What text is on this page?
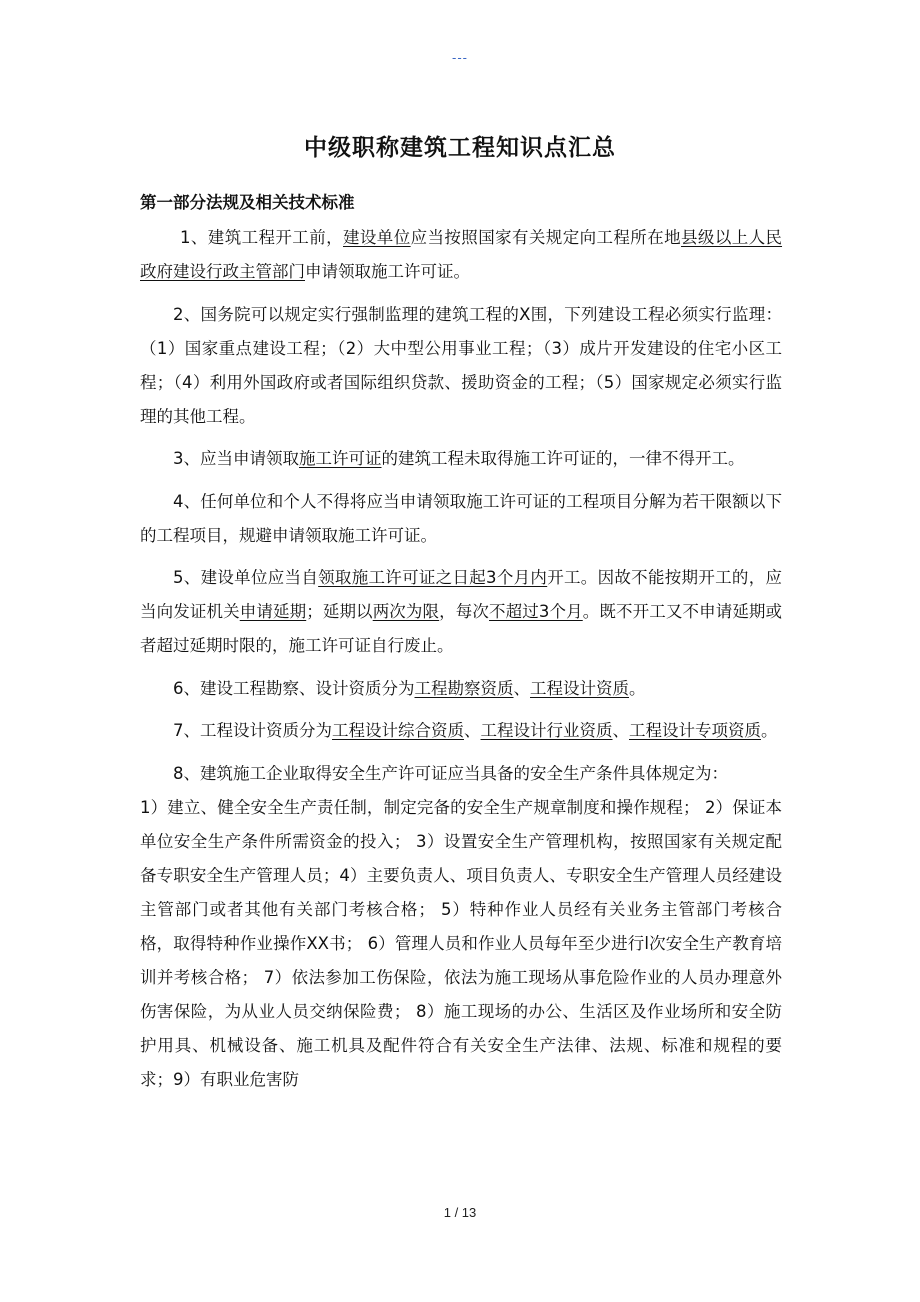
---
中级职称建筑工程知识点汇总
第一部分法规及相关技术标准

1、建筑工程开工前，建设单位应当按照国家有关规定向工程所在地县级以上人民政府建设行政主管部门申请领取施工许可证。

2、国务院可以规定实行强制监理的建筑工程的X围，下列建设工程必须实行监理：（1）国家重点建设工程；（2）大中型公用事业工程；（3）成片开发建设的住宅小区工程；（4）利用外国政府或者国际组织贷款、援助资金的工程；（5）国家规定必须实行监理的其他工程。

3、应当申请领取施工许可证的建筑工程未取得施工许可证的，一律不得开工。

4、任何单位和个人不得将应当申请领取施工许可证的工程项目分解为若干限额以下的工程项目，规避申请领取施工许可证。

5、建设单位应当自领取施工许可证之日起3个月内开工。因故不能按期开工的，应当向发证机关申请延期；延期以两次为限，每次不超过3个月。既不开工又不申请延期或者超过延期时限的，施工许可证自行废止。

6、建设工程勘察、设计资质分为工程勘察资质、工程设计资质。

7、工程设计资质分为工程设计综合资质、工程设计行业资质、工程设计专项资质。

8、建筑施工企业取得安全生产许可证应当具备的安全生产条件具体规定为：

1）建立、健全安全生产责任制，制定完备的安全生产规章制度和操作规程； 2）保证本单位安全生产条件所需资金的投入； 3）设置安全生产管理机构，按照国家有关规定配备专职安全生产管理人员；4）主要负责人、项目负责人、专职安全生产管理人员经建设主管部门或者其他有关部门考核合格； 5）特种作业人员经有关业务主管部门考核合格，取得特种作业操作XX书； 6）管理人员和作业人员每年至少进行l次安全生产教育培训并考核合格； 7）依法参加工伤保险，依法为施工现场从事危险作业的人员办理意外伤害保险，为从业人员交纳保险费； 8）施工现场的办公、生活区及作业场所和安全防护用具、机械设备、施工机具及配件符合有关安全生产法律、法规、标准和规程的要求；9）有职业危害防

1 / 13
